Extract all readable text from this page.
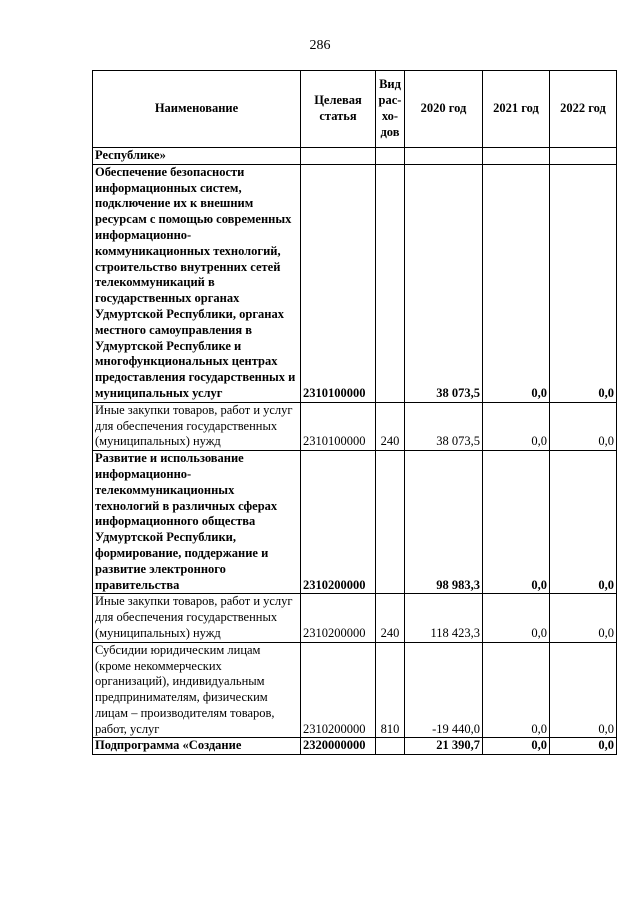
286
Наименование	Целевая статья	Вид рас-хо-дов	2020 год	2021 год	2022 год
Республике»					
Обеспечение безопасности информационных систем, подключение их к внешним ресурсам с помощью современных информационно-коммуникационных технологий, строительство внутренних сетей телекоммуникаций в государственных органах Удмуртской Республики, органах местного самоуправления в Удмуртской Республике и многофункциональных центрах предоставления государственных и муниципальных услуг	2310100000		38 073,5	0,0	0,0
Иные закупки товаров, работ и услуг для обеспечения государственных (муниципальных) нужд	2310100000	240	38 073,5	0,0	0,0
Развитие и использование информационно-телекоммуникационных технологий в различных сферах информационного общества Удмуртской Республики, формирование, поддержание и развитие электронного правительства	2310200000		98 983,3	0,0	0,0
Иные закупки товаров, работ и услуг для обеспечения государственных (муниципальных) нужд	2310200000	240	118 423,3	0,0	0,0
Субсидии юридическим лицам (кроме некоммерческих организаций), индивидуальным предпринимателям, физическим лицам – производителям товаров, работ, услуг	2310200000	810	-19 440,0	0,0	0,0
Подпрограмма «Создание	2320000000		21 390,7	0,0	0,0
